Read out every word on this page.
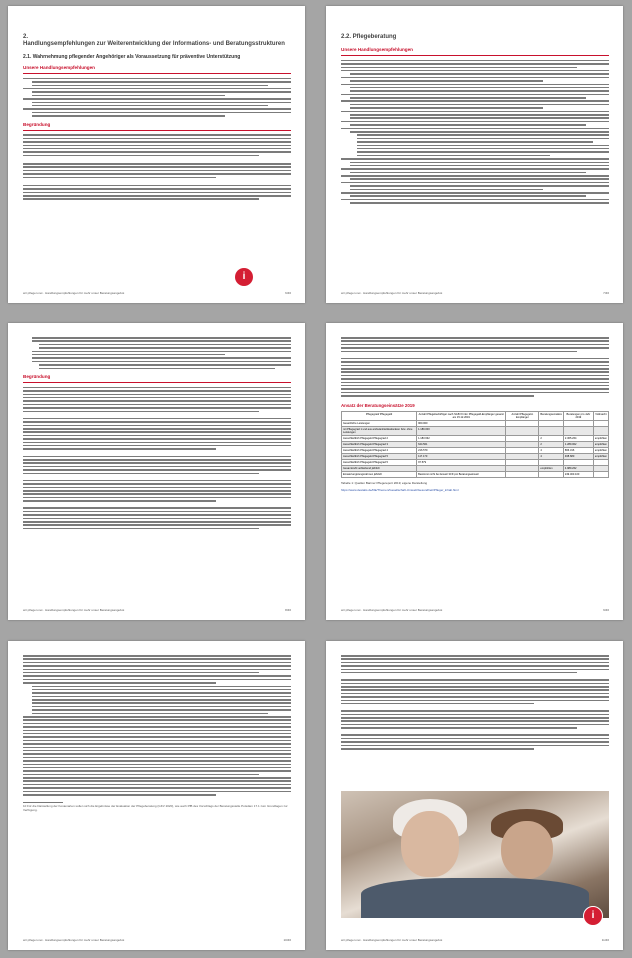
2.
Handlungsempfehlungen zur Weiterentwicklung der Informations- und Beratungsstrukturen
2.1. Wahrnehmung pflegender Angehöriger als Voraussetzung für präventive Unterstützung
Unsere Handlungsempfehlungen
Begründung
i
wir pflegen.net · Handlungsempfehlungen für mehr unser Beratungsangebot	6/46
2.2. Pflegeberatung
Unsere Handlungsempfehlungen
wir pflegen.net · Handlungsempfehlungen für mehr unser Beratungsangebot	7/46
Begründung
wir pflegen.net · Handlungsempfehlungen für mehr unser Beratungsangebot	8/46
Ansatz der Beratungseinsätze 2019
Pflegegrad/ Pflegegeld	Anzahl Pflegebedürftiger nach SGB XI inkl. Pflegegeld-Empfänger gesamt am 15.12.2019	Anzahl Pflegegeld-Empfänger	Beratungseinsätze	Beratungen pro Jahr 2019	Vollmacht
Gesetzliche Leistungen	960.000				
mit Pflegegrad 1 und aus ambulant/teilstationären bzw. ohne Leistungen	1.189.000				
Ausschließlich Pflegegeld Pflegegrad 2	1.183.632		2	2.365.264	empfohlen
Ausschließlich Pflegegeld Pflegegrad 3	644.501		2	1.289.002	empfohlen
Ausschließlich Pflegegeld Pflegegrad 4	216.579		4	866.316	empfohlen
Ausschließlich Pflegegeld Pflegegrad 5	117.170		4	468.680	empfohlen
Ausschließlich Pflegegeld Pflegegrad 5	97.579				
Gesamtzahl verbleibend jährlich			empfohlen	4.989.262	
Einsatzvergütungsrahmen jährlich	Bestimmt nicht bei Ansatz 30 € pro Beratungseinsatz			249.463.100	
Tabelle 1: Quellen Barmer Pflegereport 2019; eigene Darstellung
https://www.destatis.de/DE/Themen/Gesellschaft-Umwelt/Gesundheit/Pflege/_inhalt.html
wir pflegen.net · Handlungsempfehlungen für mehr unser Beratungsangebot	9/46
10 Für die Darstellung der Kostenarten sollen sich die Ergebnisse der Evaluation der Pflegeberatung (GKV 2020), wie auch PfB des Vorschlags der Beratungsstelle Potsdam 17.1 zum Grundlagen zur Verfügung.
wir pflegen.net · Handlungsempfehlungen für mehr unser Beratungsangebot	10/46
i
wir pflegen.net · Handlungsempfehlungen für mehr unser Beratungsangebot	11/46
